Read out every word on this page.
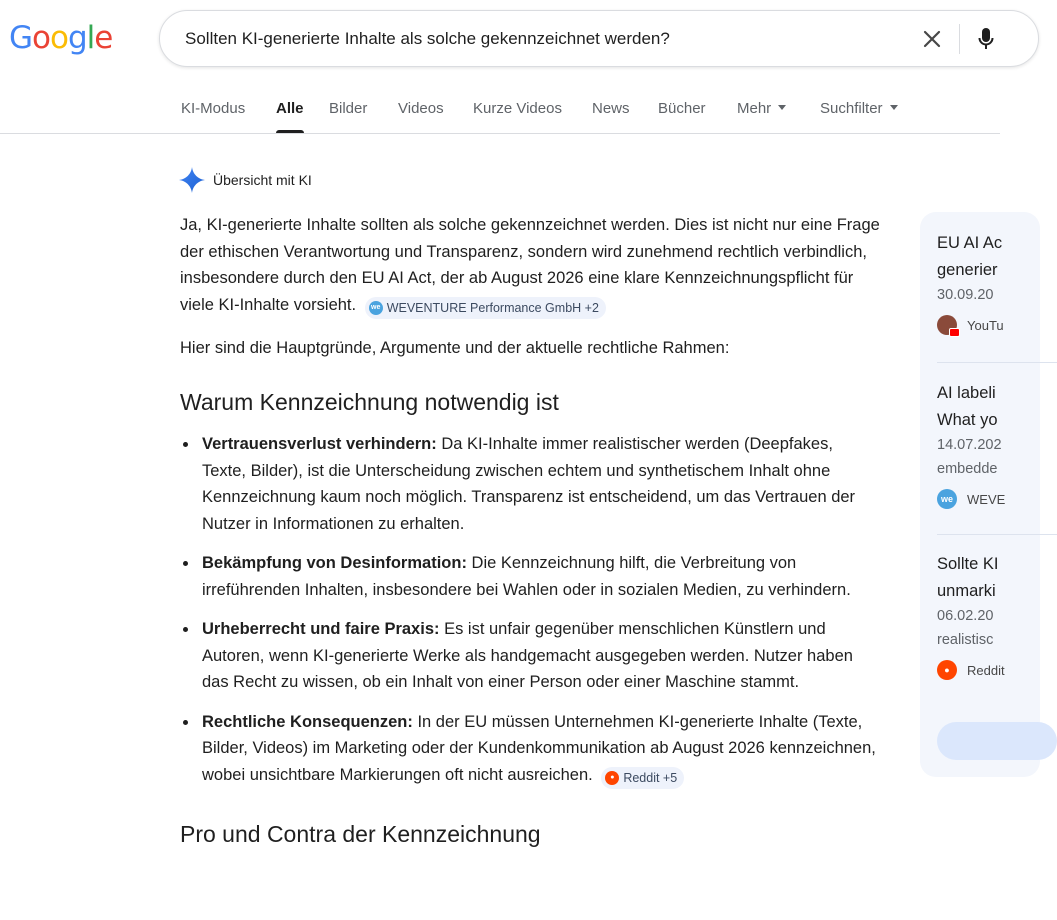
Google	Sollten KI-generierte Inhalte als solche gekennzeichnet werden?
KI-Modus Alle Bilder Videos Kurze Videos News Bücher Mehr	Suchfilter
Übersicht mit KI

Ja, KI-generierte Inhalte sollten als solche gekennzeichnet werden. Dies ist nicht nur eine Frage der ethischen Verantwortung und Transparenz, sondern wird zunehmend rechtlich verbindlich, insbesondere durch den EU AI Act, der ab August 2026 eine klare Kennzeichnungspflicht für viele KI-Inhalte vorsieht.	we WEVENTURE Performance GmbH +2

Hier sind die Hauptgründe, Argumente und der aktuelle rechtliche Rahmen:

Warum Kennzeichnung notwendig ist
Vertrauensverlust verhindern: Da KI-Inhalte immer realistischer werden (Deepfakes, Texte, Bilder), ist die Unterscheidung zwischen echtem und synthetischem Inhalt ohne Kennzeichnung kaum noch möglich. Transparenz ist entscheidend, um das Vertrauen der Nutzer in Informationen zu erhalten.
Bekämpfung von Desinformation: Die Kennzeichnung hilft, die Verbreitung von irreführenden Inhalten, insbesondere bei Wahlen oder in sozialen Medien, zu verhindern.
Urheberrecht und faire Praxis: Es ist unfair gegenüber menschlichen Künstlern und Autoren, wenn KI-generierte Werke als handgemacht ausgegeben werden. Nutzer haben das Recht zu wissen, ob ein Inhalt von einer Person oder einer Maschine stammt.
Rechtliche Konsequenzen: In der EU müssen Unternehmen KI-generierte Inhalte (Texte, Bilder, Videos) im Marketing oder der Kundenkommunikation ab August 2026 kennzeichnen, wobei unsichtbare Markierungen oft nicht ausreichen.	● Reddit +5
Pro und Contra der Kennzeichnung
EU AI Ac
generier
30.09.20
YouTu
AI labeli
What yo
14.07.202
embedde
we	WEVE
Sollte KI
unmarki
06.02.20
realistisc
●	Reddit
